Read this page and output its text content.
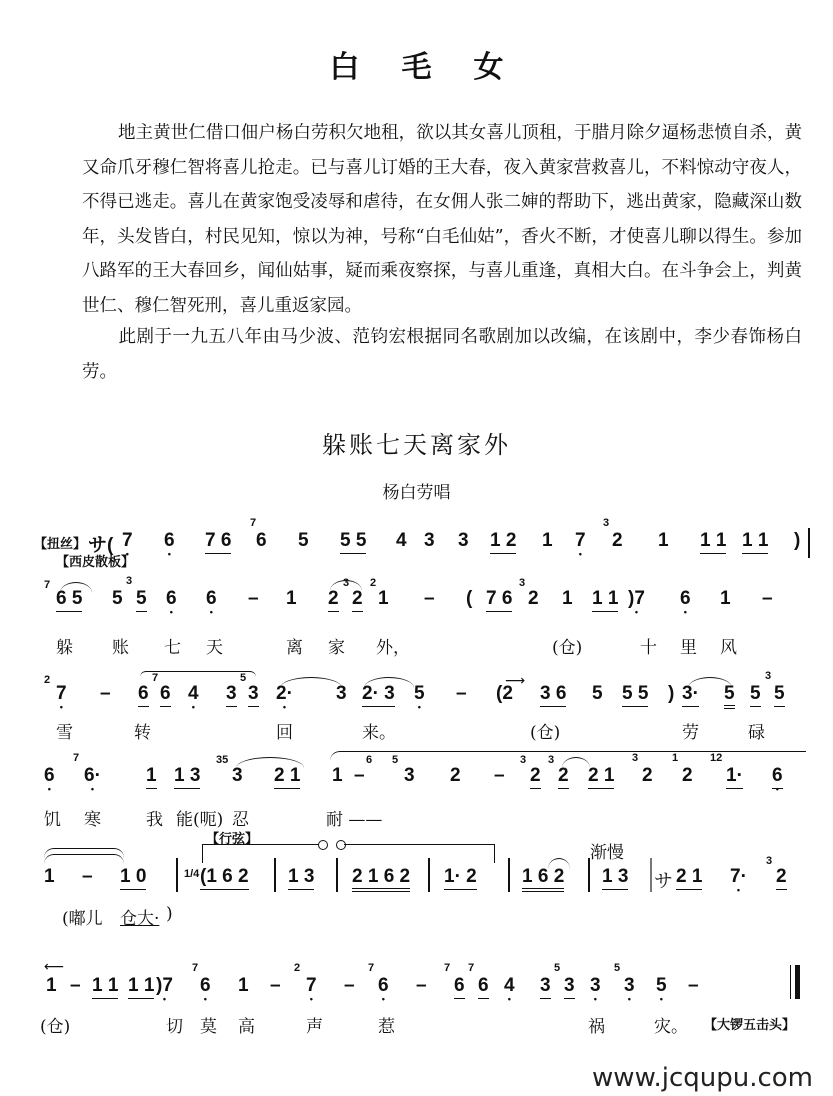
白毛女
地主黄世仁借口佃户杨白劳积欠地租，欲以其女喜儿顶租，于腊月除夕逼杨悲愤自杀，黄又命爪牙穆仁智将喜儿抢走。已与喜儿订婚的王大春，夜入黄家营救喜儿，不料惊动守夜人，不得已逃走。喜儿在黄家饱受凌辱和虐待，在女佣人张二婶的帮助下，逃出黄家，隐藏深山数年，头发皆白，村民见知，惊以为神，号称“白毛仙姑”，香火不断，才使喜儿聊以得生。参加八路军的王大春回乡，闻仙姑事，疑而乘夜察探，与喜儿重逢，真相大白。在斗争会上，判黄世仁、穆仁智死刑，喜儿重返家园。
此剧于一九五八年由马少波、范钧宏根据同名歌剧加以改编，在该剧中，李少春饰杨白劳。
躲账七天离家外
杨白劳唱
【扭丝】 サ( 7 • 6 • 7 6
7
6 5 5 5 4 3 3 1 2 1 7 •
3
2 1 1 1 1 1 )
【西皮散板】
7
6 5 5
3
5 6 • 6 • – 1 2
3
2
2
1 – ( 7 6
3
2 1 1 1 )7 • 6 • 1 –
躲 账 七 天	离 家 外，	(仓)	十 里 风
2
7 • – 6
7
6 4 • 3
5
3 2· • 3 2· 3 5 • –
⟶
(2 3 6 5 5 5 ) 3· 5 5
3
5
雪	转	回	来。	(仓)	劳	碌
6 •
7
6· • 1 1 3
35
3 2 1 1 –
6 5
3 2 –
3
2
3
2 2 1
3
2
1
2
12
1· 6 •
饥 寒	我 能(呃) 忍	耐 ——
【行弦】
渐慢
1 – 1 0	1/4 (1 6 2 1 3 2 1 6 2 1· 2 1 6 2 1 3 サ 2 1 7· •
3
2
(嘟儿 仓大· )
⟵
1 – 1 1 1 1 )7 •
7
6 • 1 –
2
7 • –
7
6 • –
7
6
7
6 4 • 3
5
3 3 •
5
3 • 5 • –
(仓)	切 莫 高	声	惹	祸	灾。 【大锣五击头】
www.jcqupu.com
